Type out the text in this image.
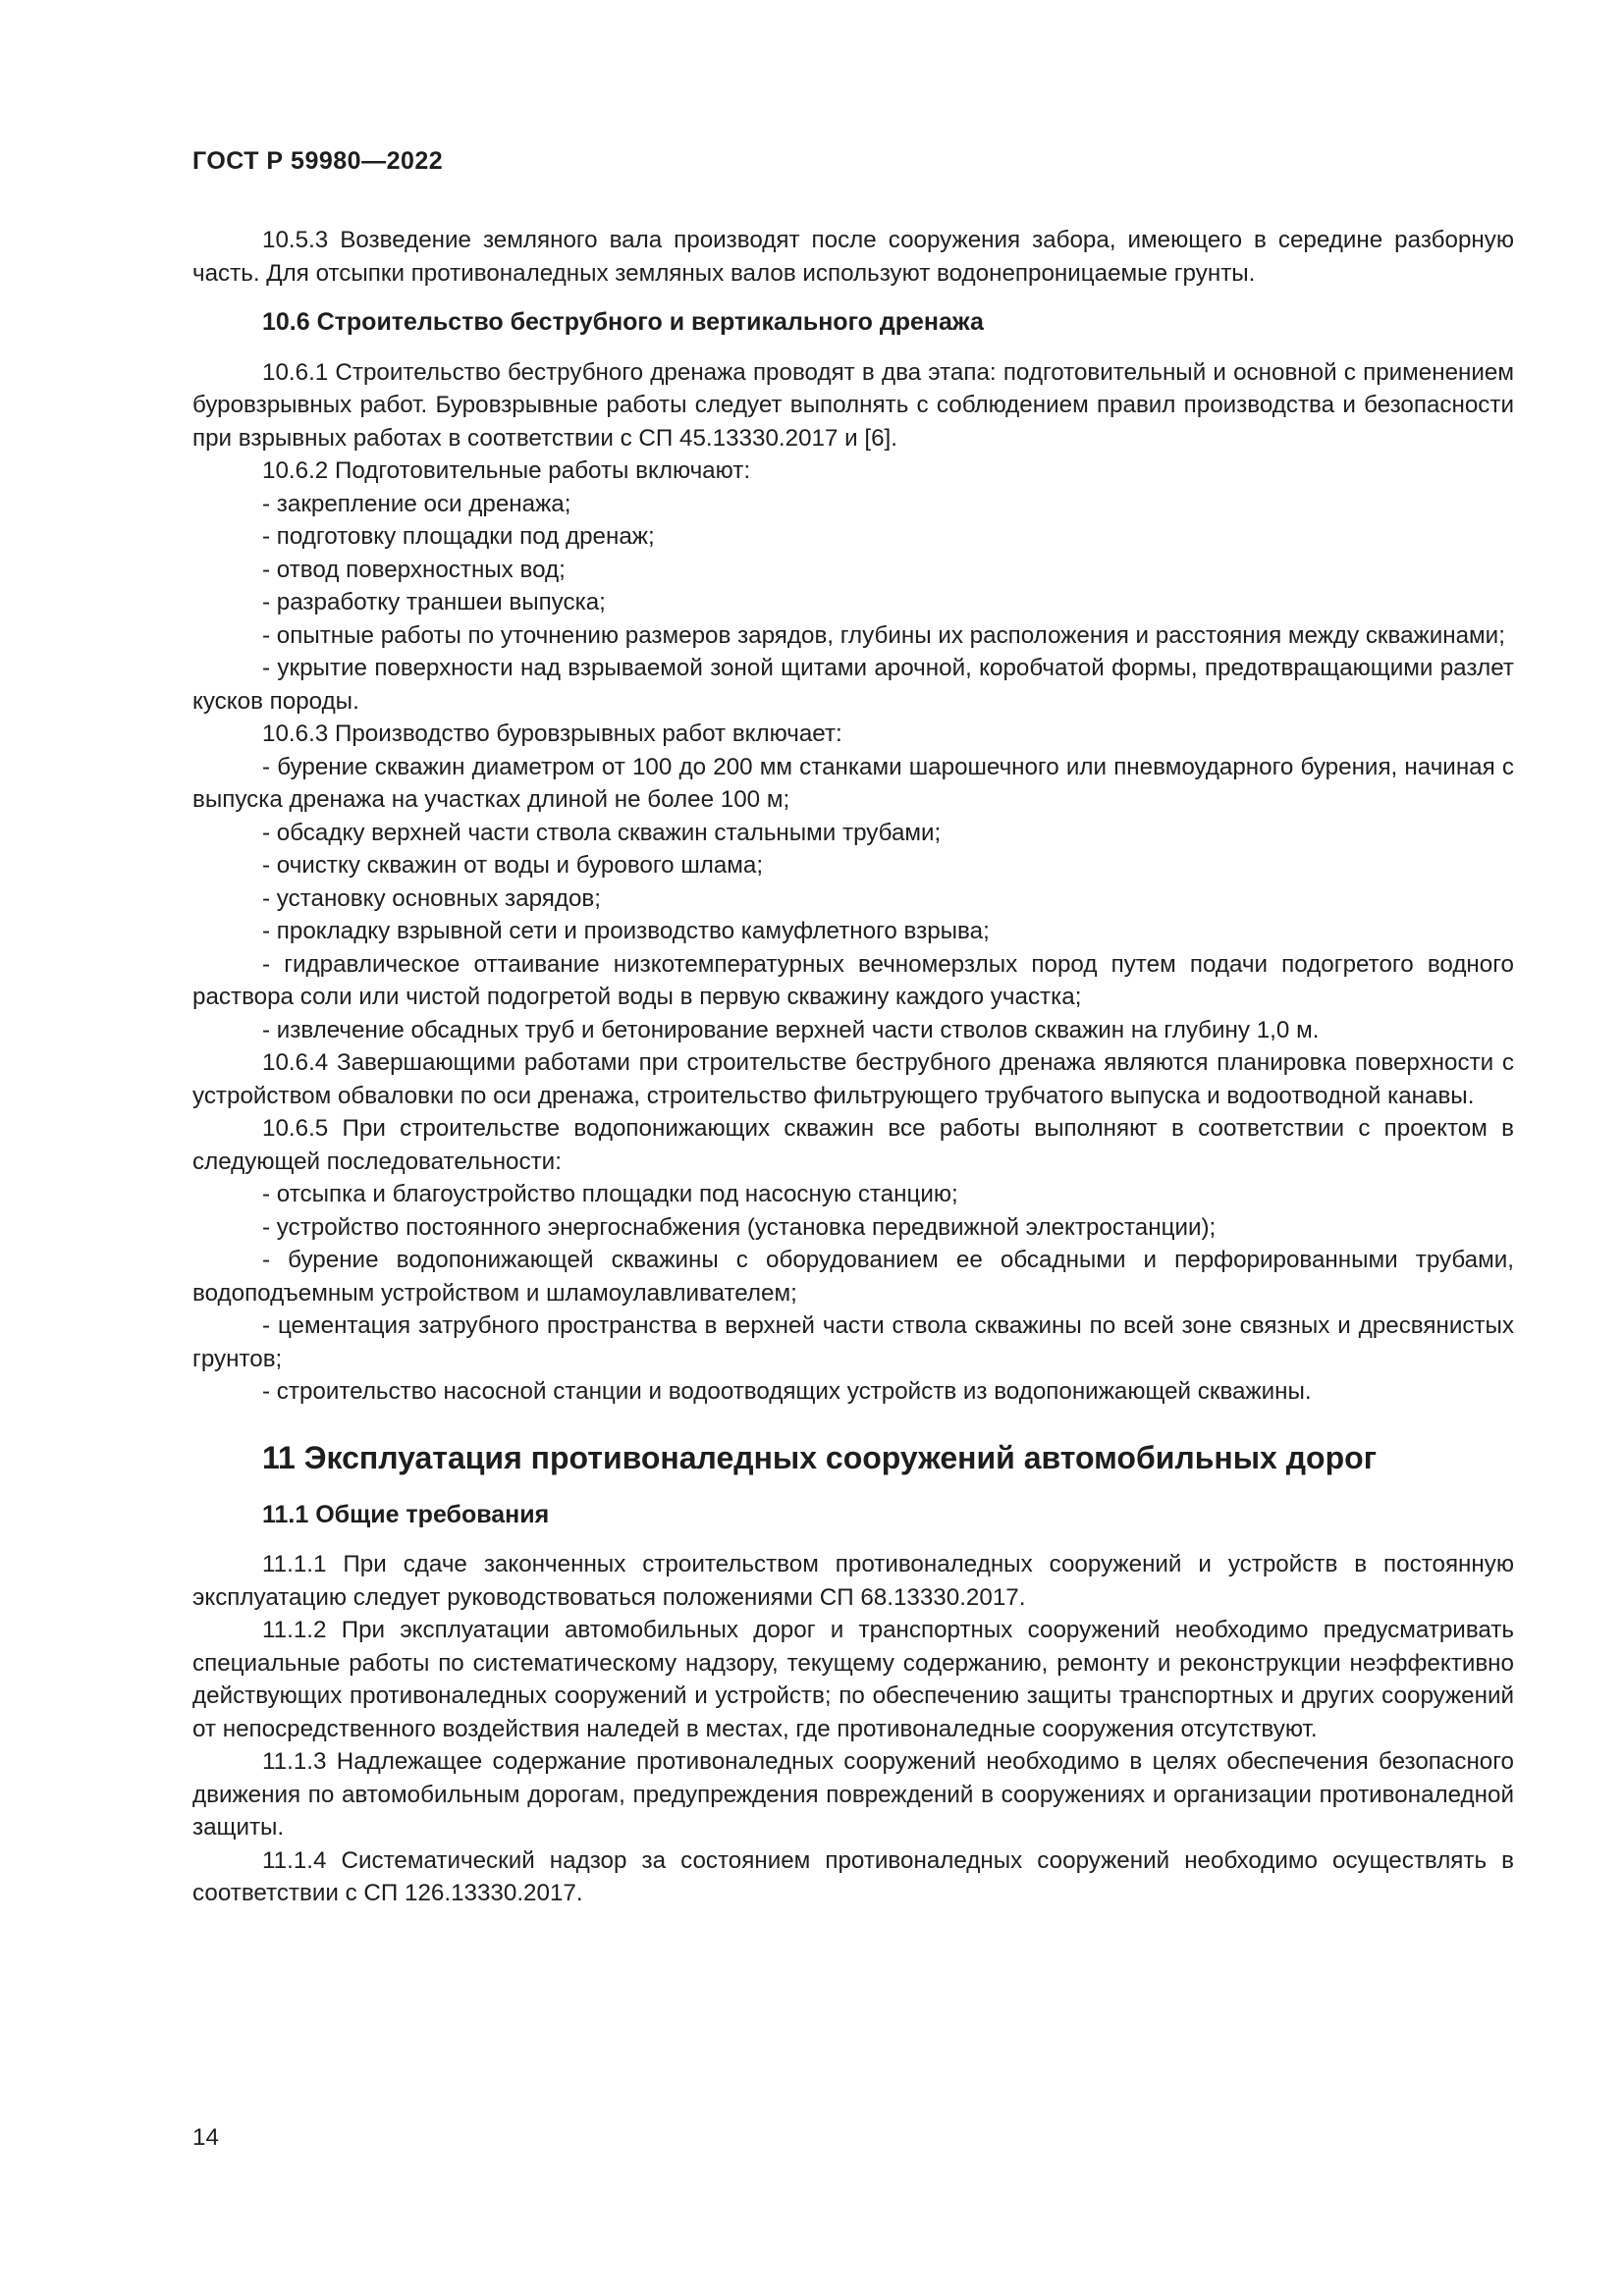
ГОСТ Р 59980—2022

10.5.3 Возведение земляного вала производят после сооружения забора, имеющего в середине разборную часть. Для отсыпки противоналедных земляных валов используют водонепроницаемые грунты.

10.6 Строительство беструбного и вертикального дренажа

10.6.1 Строительство беструбного дренажа проводят в два этапа: подготовительный и основной с применением буровзрывных работ. Буровзрывные работы следует выполнять с соблюдением правил производства и безопасности при взрывных работах в соответствии с СП 45.13330.2017 и [6].

10.6.2 Подготовительные работы включают:

- закрепление оси дренажа;

- подготовку площадки под дренаж;

- отвод поверхностных вод;

- разработку траншеи выпуска;

- опытные работы по уточнению размеров зарядов, глубины их расположения и расстояния между скважинами;

- укрытие поверхности над взрываемой зоной щитами арочной, коробчатой формы, предотвращающими разлет кусков породы.

10.6.3 Производство буровзрывных работ включает:

- бурение скважин диаметром от 100 до 200 мм станками шарошечного или пневмоударного бурения, начиная с выпуска дренажа на участках длиной не более 100 м;

- обсадку верхней части ствола скважин стальными трубами;

- очистку скважин от воды и бурового шлама;

- установку основных зарядов;

- прокладку взрывной сети и производство камуфлетного взрыва;

- гидравлическое оттаивание низкотемпературных вечномерзлых пород путем подачи подогретого водного раствора соли или чистой подогретой воды в первую скважину каждого участка;

- извлечение обсадных труб и бетонирование верхней части стволов скважин на глубину 1,0 м.

10.6.4 Завершающими работами при строительстве беструбного дренажа являются планировка поверхности с устройством обваловки по оси дренажа, строительство фильтрующего трубчатого выпуска и водоотводной канавы.

10.6.5 При строительстве водопонижающих скважин все работы выполняют в соответствии с проектом в следующей последовательности:

- отсыпка и благоустройство площадки под насосную станцию;

- устройство постоянного энергоснабжения (установка передвижной электростанции);

- бурение водопонижающей скважины с оборудованием ее обсадными и перфорированными трубами, водоподъемным устройством и шламоулавливателем;

- цементация затрубного пространства в верхней части ствола скважины по всей зоне связных и дресвянистых грунтов;

- строительство насосной станции и водоотводящих устройств из водопонижающей скважины.

11 Эксплуатация противоналедных сооружений автомобильных дорог
11.1 Общие требования

11.1.1 При сдаче законченных строительством противоналедных сооружений и устройств в постоянную эксплуатацию следует руководствоваться положениями СП 68.13330.2017.

11.1.2 При эксплуатации автомобильных дорог и транспортных сооружений необходимо предусматривать специальные работы по систематическому надзору, текущему содержанию, ремонту и реконструкции неэффективно действующих противоналедных сооружений и устройств; по обеспечению защиты транспортных и других сооружений от непосредственного воздействия наледей в местах, где противоналедные сооружения отсутствуют.

11.1.3 Надлежащее содержание противоналедных сооружений необходимо в целях обеспечения безопасного движения по автомобильным дорогам, предупреждения повреждений в сооружениях и организации противоналедной защиты.

11.1.4 Систематический надзор за состоянием противоналедных сооружений необходимо осуществлять в соответствии с СП 126.13330.2017.

14
